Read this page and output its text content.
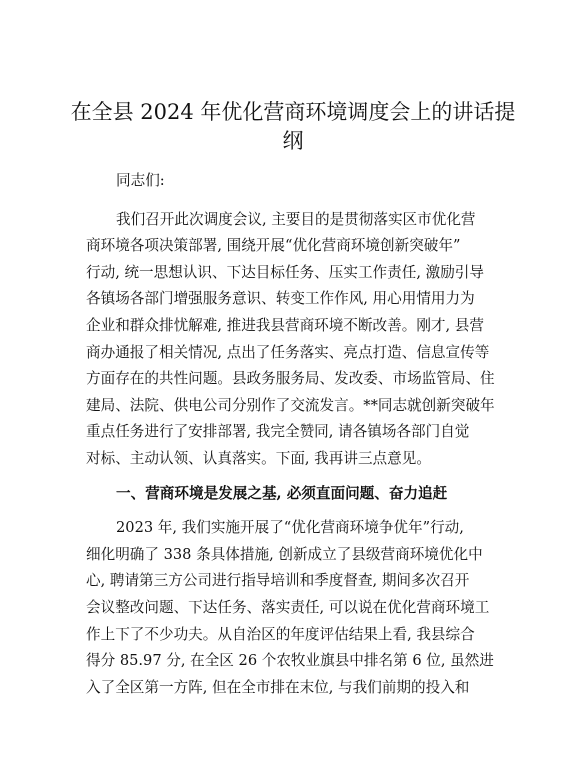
在全县 2024 年优化营商环境调度会上的讲话提
纲
同志们:
我们召开此次调度会议, 主要目的是贯彻落实区市优化营
商环境各项决策部署, 围绕开展“优化营商环境创新突破年”
行动, 统一思想认识、下达目标任务、压实工作责任, 激励引导
各镇场各部门增强服务意识、转变工作作风, 用心用情用力为
企业和群众排忧解难, 推进我县营商环境不断改善。刚才, 县营
商办通报了相关情况, 点出了任务落实、亮点打造、信息宣传等
方面存在的共性问题。县政务服务局、发改委、市场监管局、住
建局、法院、供电公司分别作了交流发言。**同志就创新突破年
重点任务进行了安排部署, 我完全赞同, 请各镇场各部门自觉
对标、主动认领、认真落实。下面, 我再讲三点意见。
一、营商环境是发展之基, 必须直面问题、奋力追赶
2023 年, 我们实施开展了“优化营商环境争优年”行动,
细化明确了 338 条具体措施, 创新成立了县级营商环境优化中
心, 聘请第三方公司进行指导培训和季度督查, 期间多次召开
会议整改问题、下达任务、落实责任, 可以说在优化营商环境工
作上下了不少功夫。从自治区的年度评估结果上看, 我县综合
得分 85.97 分, 在全区 26 个农牧业旗县中排名第 6 位, 虽然进
入了全区第一方阵, 但在全市排在末位, 与我们前期的投入和
